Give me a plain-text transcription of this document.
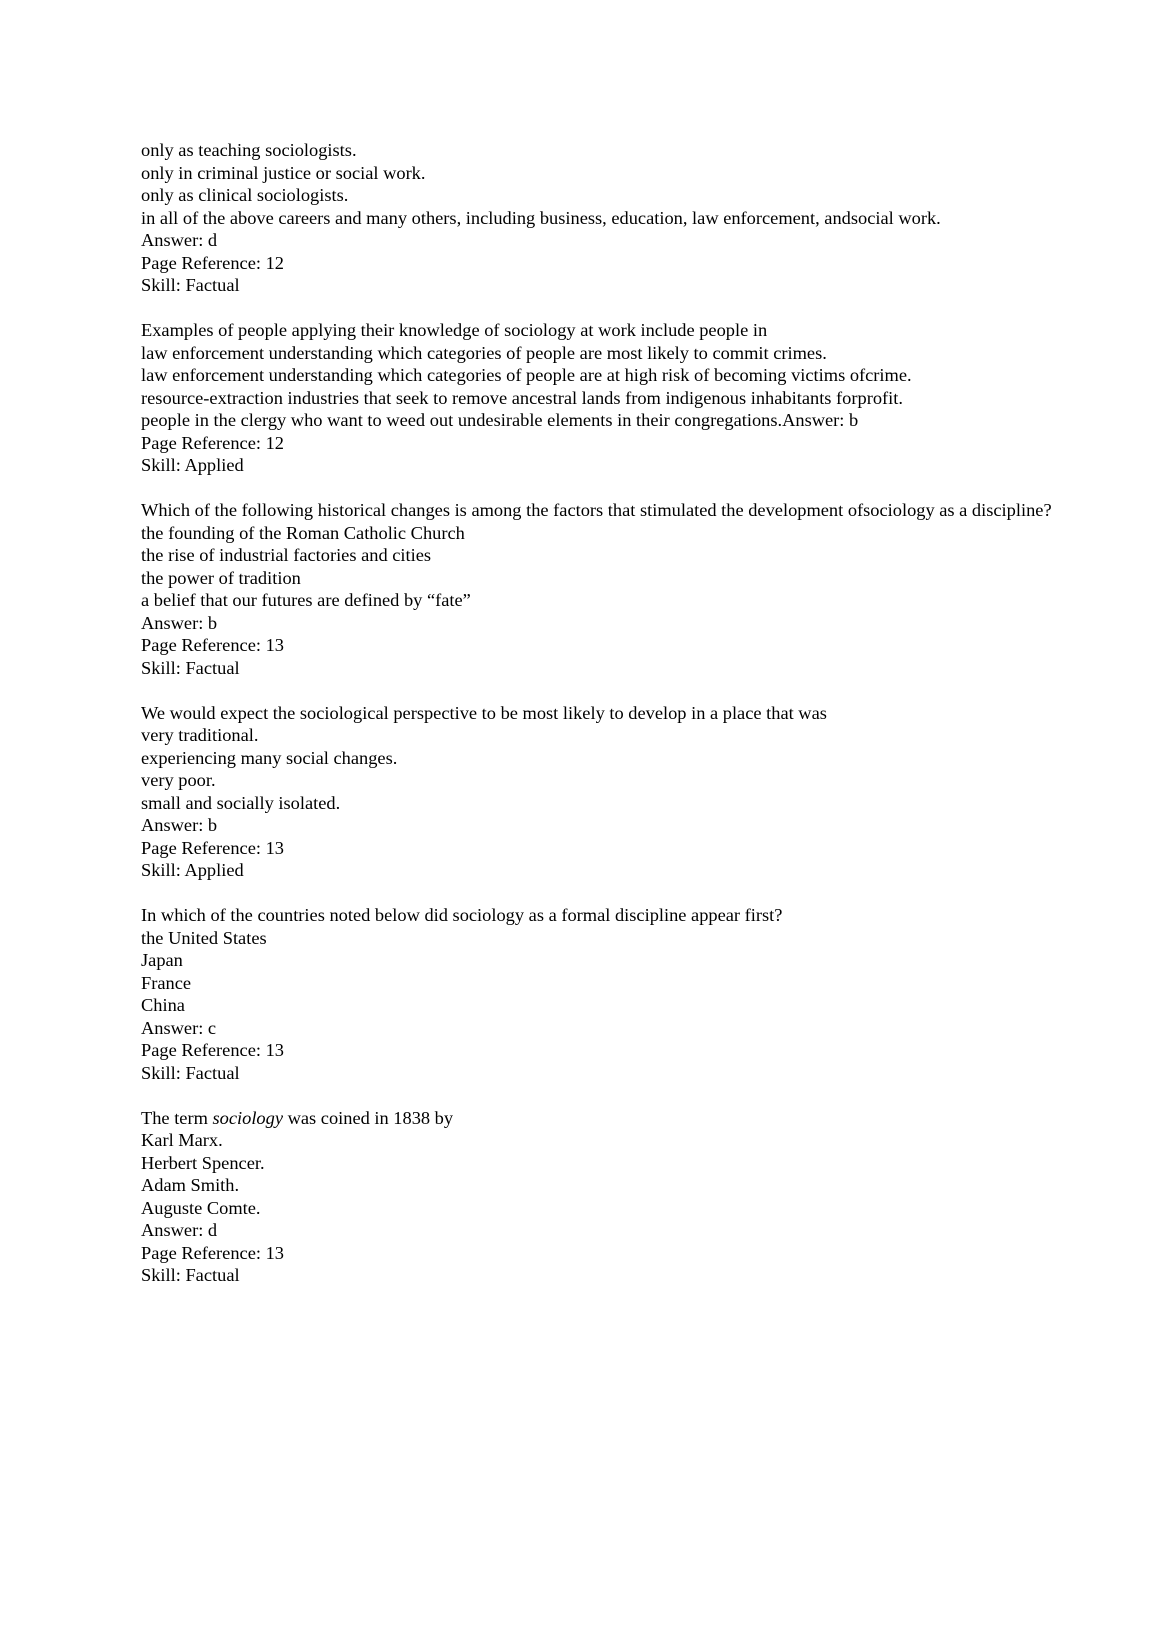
only as teaching sociologists.
only in criminal justice or social work.
only as clinical sociologists.
in all of the above careers and many others, including business, education, law enforcement, andsocial work.
Answer: d
Page Reference: 12
Skill: Factual
Examples of people applying their knowledge of sociology at work include people in
law enforcement understanding which categories of people are most likely to commit crimes.
law enforcement understanding which categories of people are at high risk of becoming victims ofcrime.
resource-extraction industries that seek to remove ancestral lands from indigenous inhabitants forprofit.
people in the clergy who want to weed out undesirable elements in their congregations.Answer: b
Page Reference: 12
Skill: Applied
Which of the following historical changes is among the factors that stimulated the development ofsociology as a discipline?
the founding of the Roman Catholic Church
the rise of industrial factories and cities
the power of tradition
a belief that our futures are defined by “fate”
Answer: b
Page Reference: 13
Skill: Factual
We would expect the sociological perspective to be most likely to develop in a place that was
very traditional.
experiencing many social changes.
very poor.
small and socially isolated.
Answer: b
Page Reference: 13
Skill: Applied
In which of the countries noted below did sociology as a formal discipline appear first?
the United States
Japan
France
China
Answer: c
Page Reference: 13
Skill: Factual
The term sociology was coined in 1838 by
Karl Marx.
Herbert Spencer.
Adam Smith.
Auguste Comte.
Answer: d
Page Reference: 13
Skill: Factual
